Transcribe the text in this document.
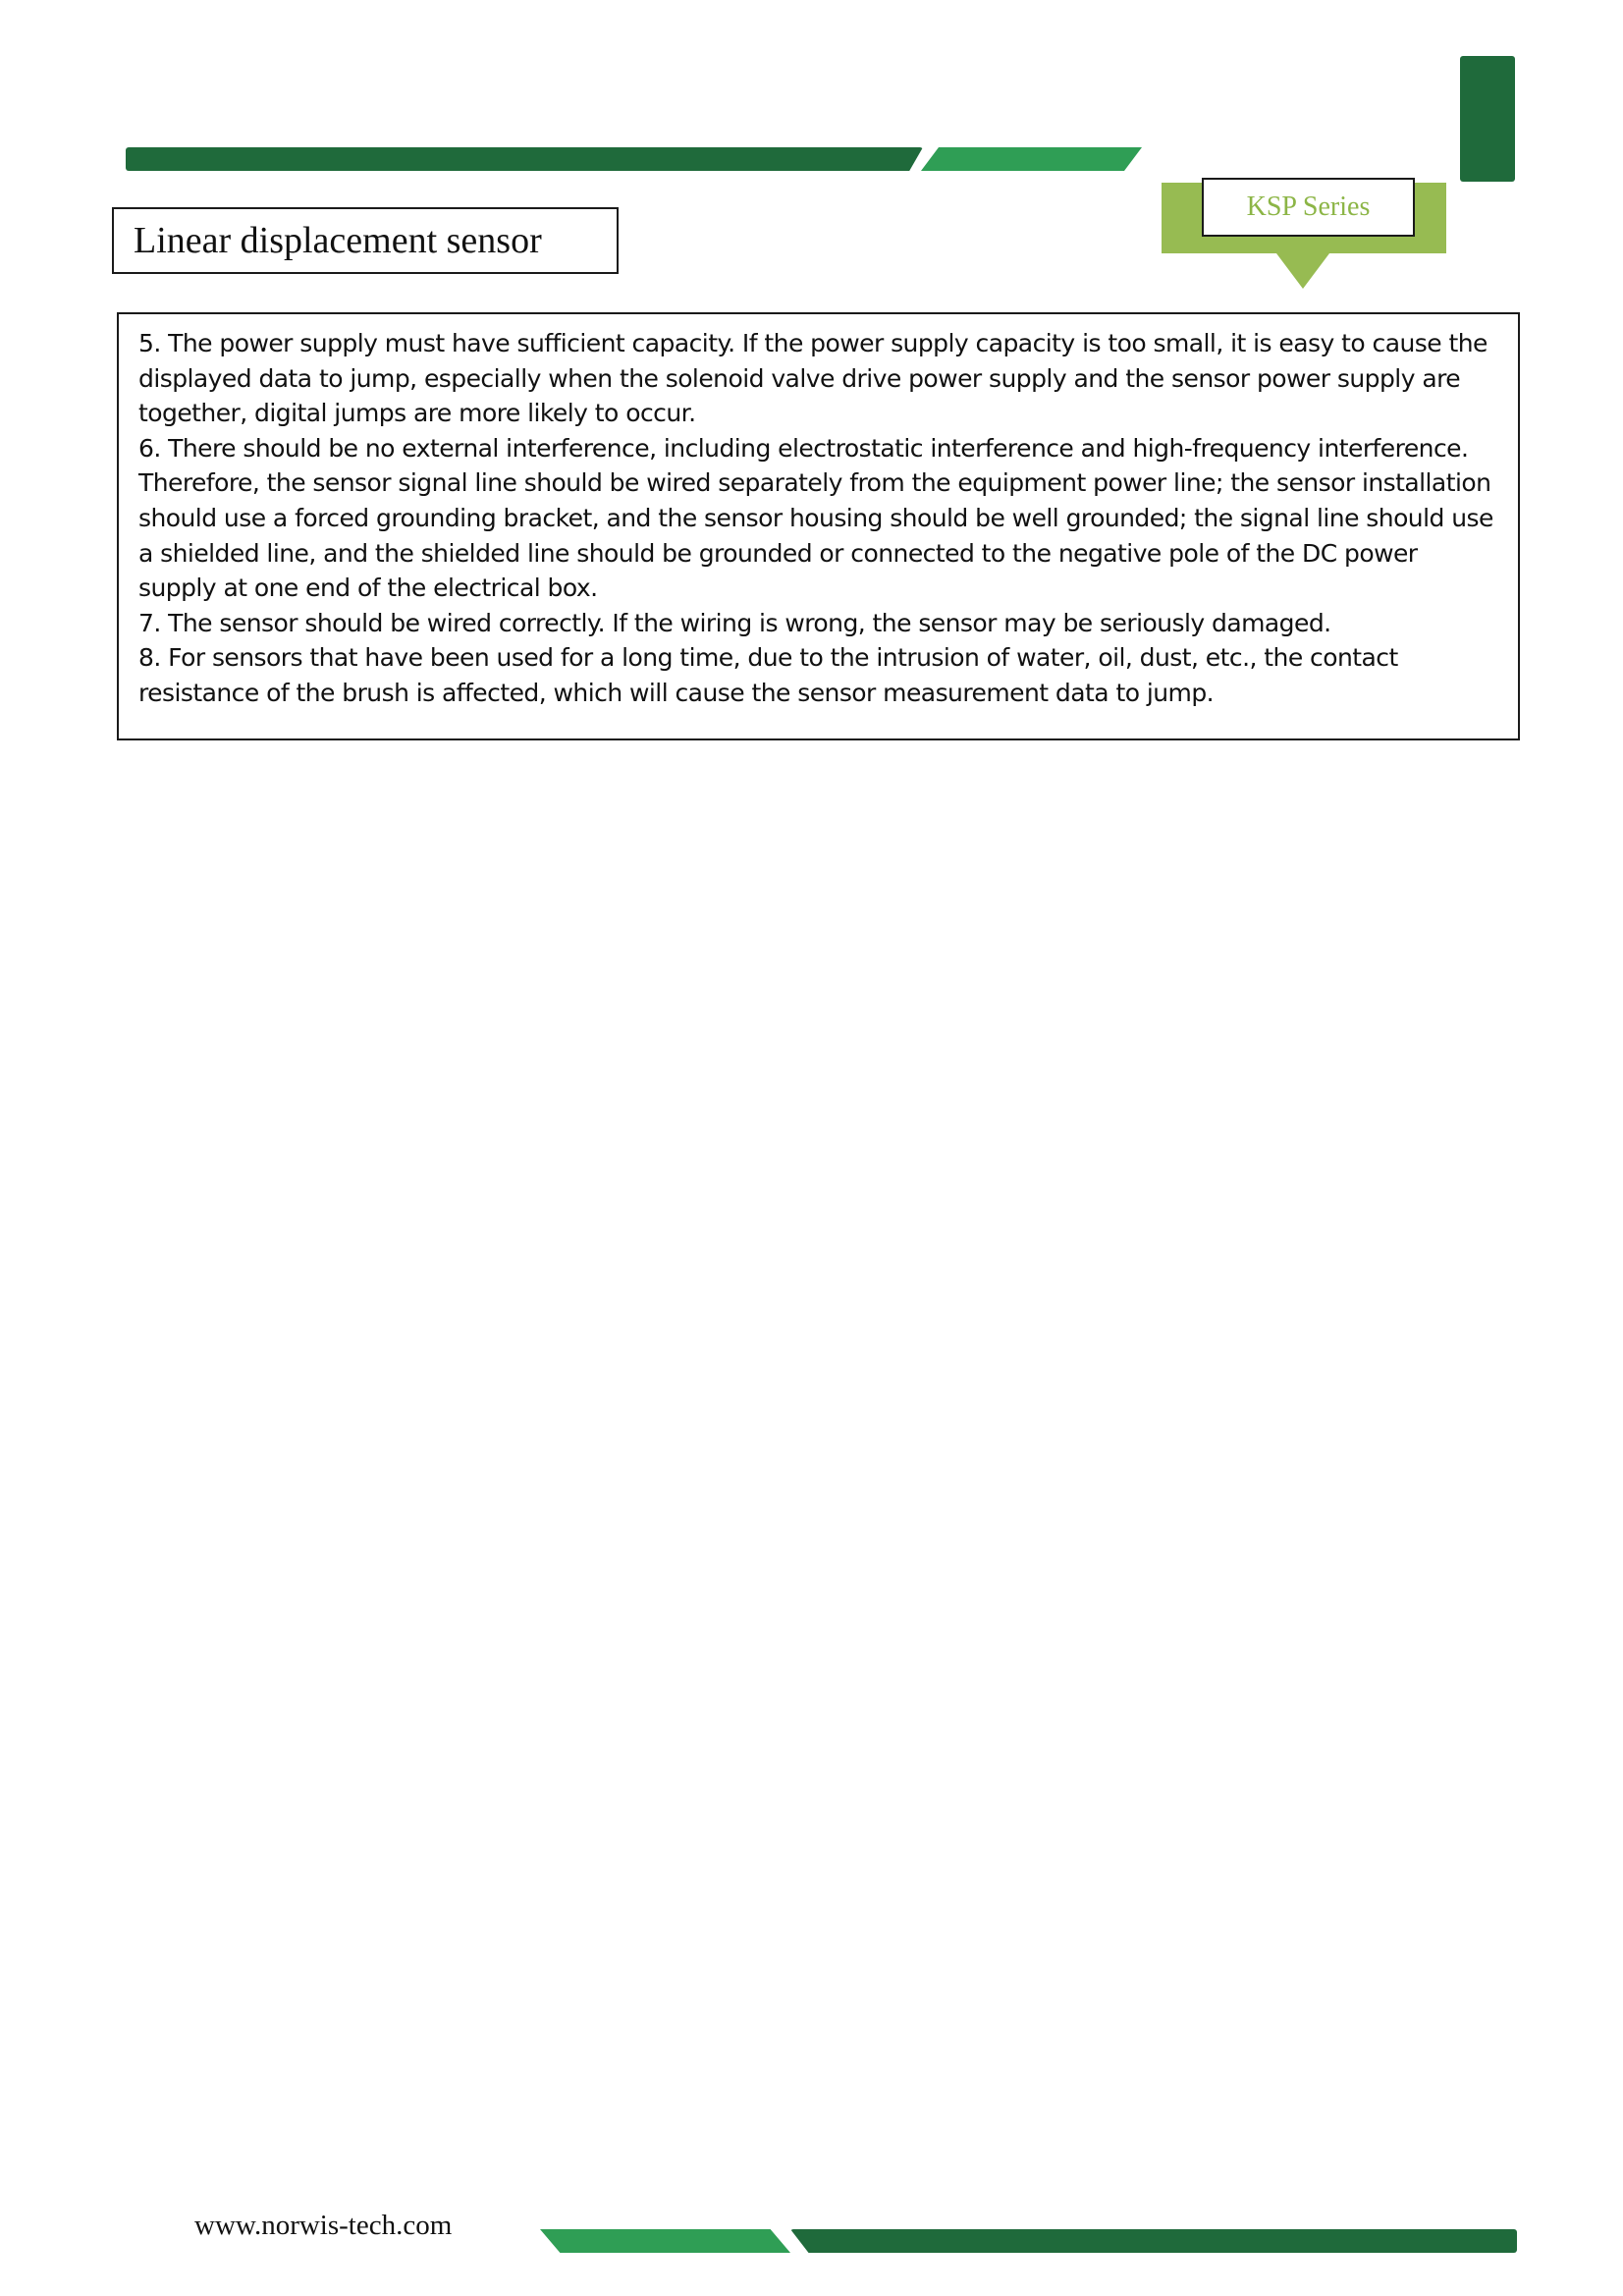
KSP Series
Linear displacement sensor

5. The power supply must have sufficient capacity. If the power supply capacity is too small, it is easy to cause the displayed data to jump, especially when the solenoid valve drive power supply and the sensor power supply are together, digital jumps are more likely to occur.

6. There should be no external interference, including electrostatic interference and high-frequency interference. Therefore, the sensor signal line should be wired separately from the equipment power line; the sensor installation should use a forced grounding bracket, and the sensor housing should be well grounded; the signal line should use a shielded line, and the shielded line should be grounded or connected to the negative pole of the DC power supply at one end of the electrical box.

7. The sensor should be wired correctly. If the wiring is wrong, the sensor may be seriously damaged.

8. For sensors that have been used for a long time, due to the intrusion of water, oil, dust, etc., the contact resistance of the brush is affected, which will cause the sensor measurement data to jump.

www.norwis-tech.com
